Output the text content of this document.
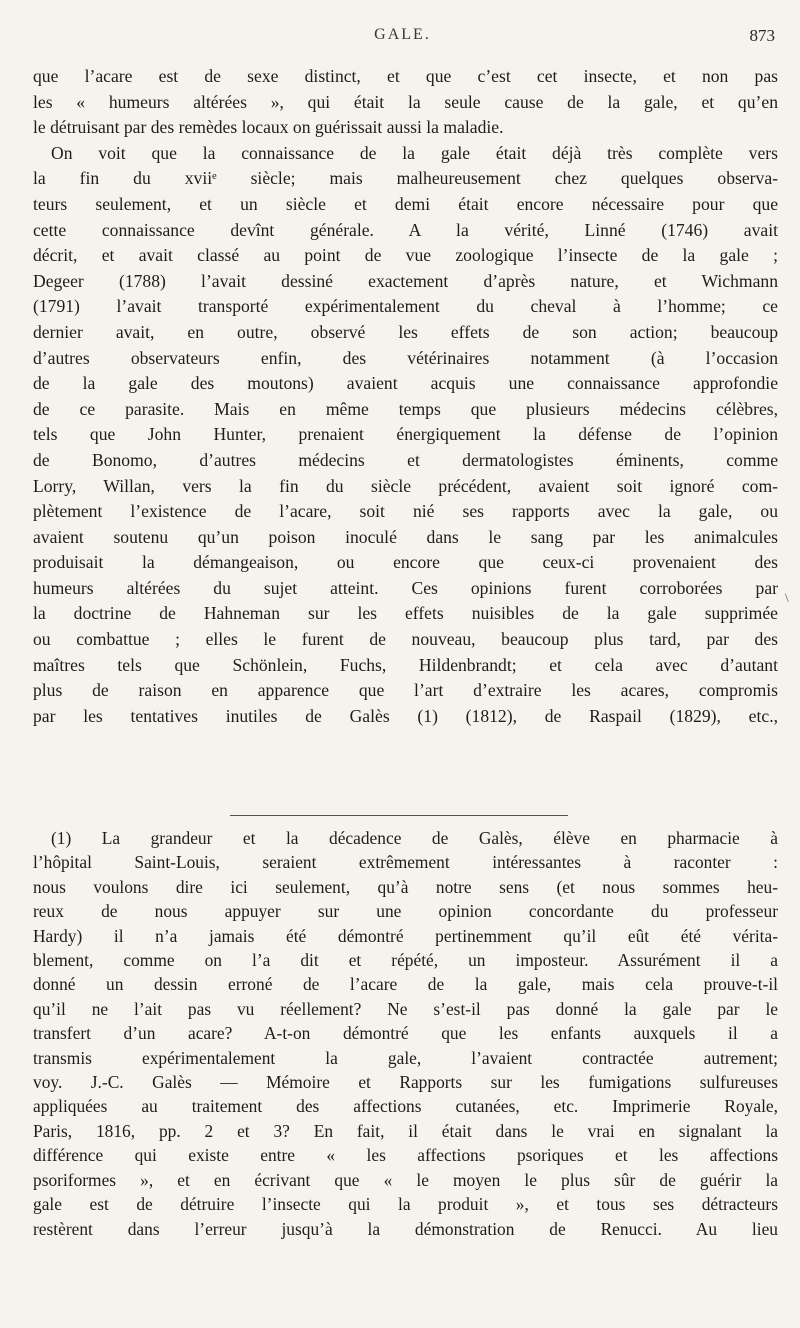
GALE.	873
que l’acare est de sexe distinct, et que c’est cet insecte, et non pas
les « humeurs altérées », qui était la seule cause de la gale, et qu’en
le détruisant par des remèdes locaux on guérissait aussi la maladie.
On voit que la connaissance de la gale était déjà très complète vers
la fin du xviiᵉ siècle; mais malheureusement chez quelques observa-
teurs seulement, et un siècle et demi était encore nécessaire pour que
cette connaissance devînt générale. A la vérité, Linné (1746) avait
décrit, et avait classé au point de vue zoologique l’insecte de la gale ;
Degeer (1788) l’avait dessiné exactement d’après nature, et Wichmann
(1791) l’avait transporté expérimentalement du cheval à l’homme; ce
dernier avait, en outre, observé les effets de son action; beaucoup
d’autres observateurs enfin, des vétérinaires notamment (à l’occasion
de la gale des moutons) avaient acquis une connaissance approfondie
de ce parasite. Mais en même temps que plusieurs médecins célèbres,
tels que John Hunter, prenaient énergiquement la défense de l’opinion
de Bonomo, d’autres médecins et dermatologistes éminents, comme
Lorry, Willan, vers la fin du siècle précédent, avaient soit ignoré com-
plètement l’existence de l’acare, soit nié ses rapports avec la gale, ou
avaient soutenu qu’un poison inoculé dans le sang par les animalcules
produisait la démangeaison, ou encore que ceux-ci provenaient des
humeurs altérées du sujet atteint. Ces opinions furent corroborées par
la doctrine de Hahneman sur les effets nuisibles de la gale supprimée
ou combattue ; elles le furent de nouveau, beaucoup plus tard, par des
maîtres tels que Schönlein, Fuchs, Hildenbrandt; et cela avec d’autant
plus de raison en apparence que l’art d’extraire les acares, compromis
par les tentatives inutiles de Galès (1) (1812), de Raspail (1829), etc.,
\
(1) La grandeur et la décadence de Galès, élève en pharmacie à
l’hôpital Saint-Louis, seraient extrêmement intéressantes à raconter :
nous voulons dire ici seulement, qu’à notre sens (et nous sommes heu-
reux de nous appuyer sur une opinion concordante du professeur
Hardy) il n’a jamais été démontré pertinemment qu’il eût été vérita-
blement, comme on l’a dit et répété, un imposteur. Assurément il a
donné un dessin erroné de l’acare de la gale, mais cela prouve-t-il
qu’il ne l’ait pas vu réellement? Ne s’est-il pas donné la gale par le
transfert d’un acare? A-t-on démontré que les enfants auxquels il a
transmis expérimentalement la gale, l’avaient contractée autrement;
voy. J.-C. Galès — Mémoire et Rapports sur les fumigations sulfureuses
appliquées au traitement des affections cutanées, etc. Imprimerie Royale,
Paris, 1816, pp. 2 et 3? En fait, il était dans le vrai en signalant la
différence qui existe entre « les affections psoriques et les affections
psoriformes », et en écrivant que « le moyen le plus sûr de guérir la
gale est de détruire l’insecte qui la produit », et tous ses détracteurs
restèrent dans l’erreur jusqu’à la démonstration de Renucci. Au lieu
